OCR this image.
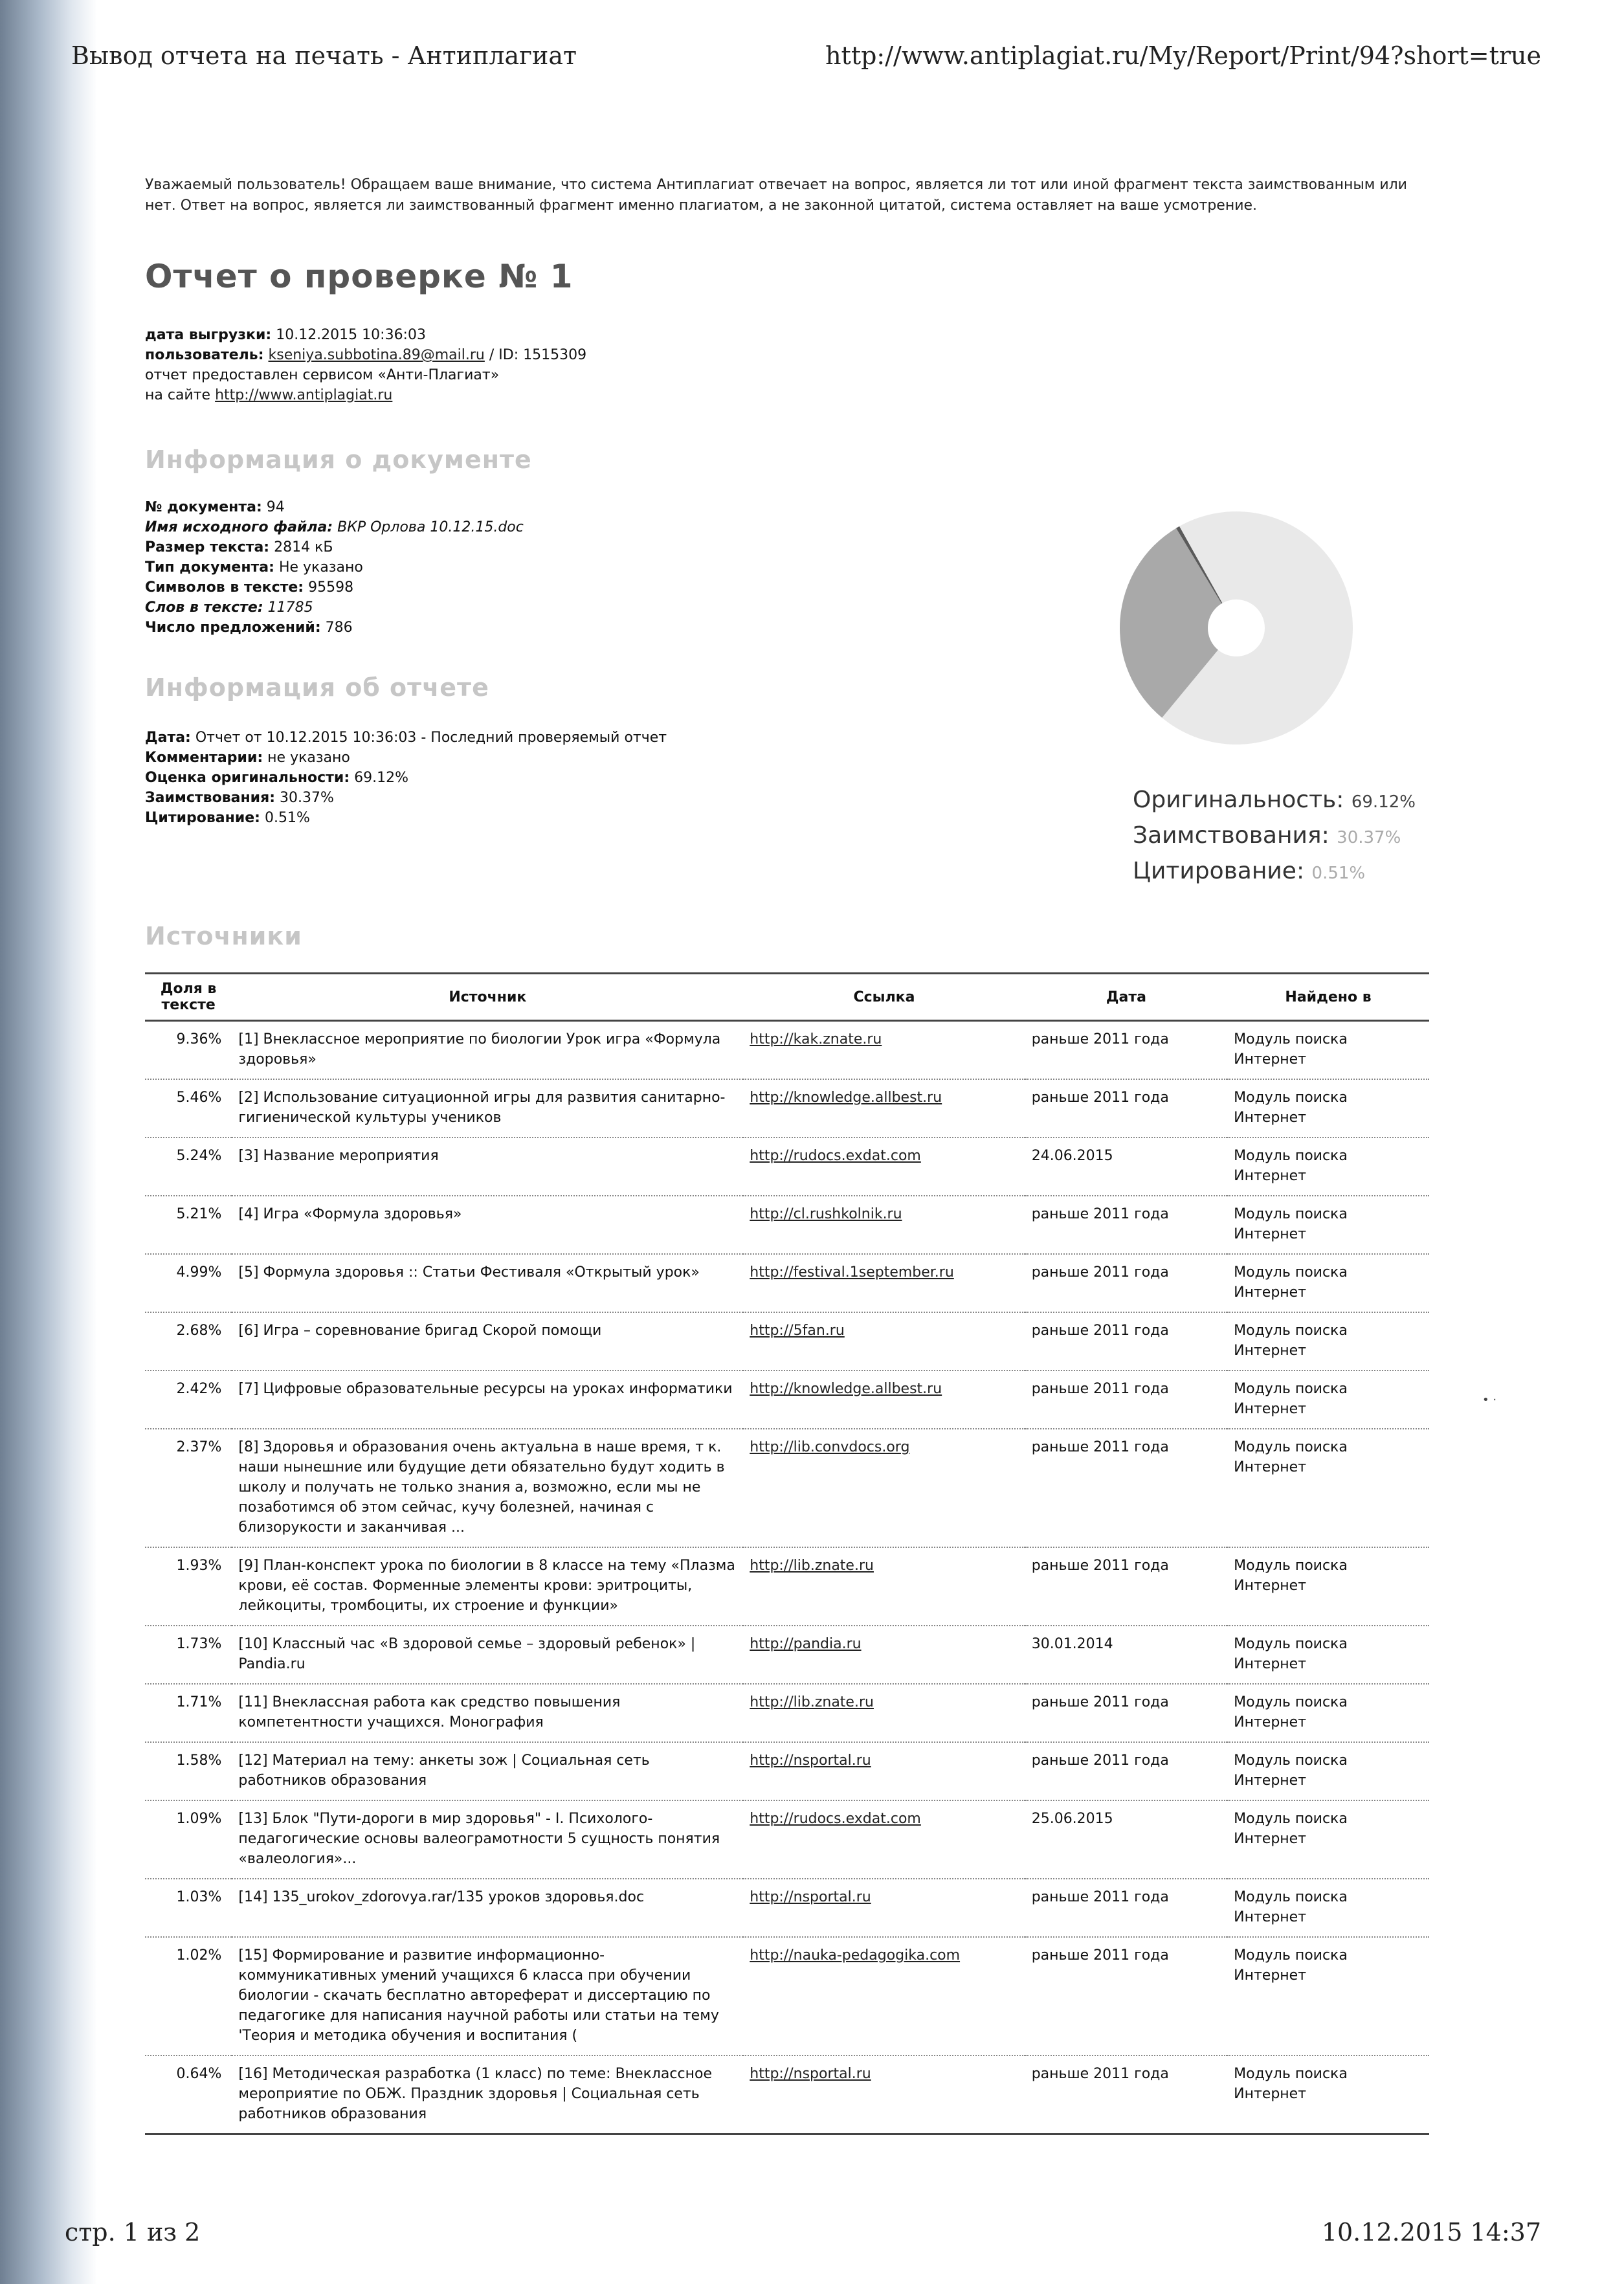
Вывод отчета на печать - Антиплагиат	http://www.antiplagiat.ru/My/Report/Print/94?short=true
Уважаемый пользователь! Обращаем ваше внимание, что система Антиплагиат отвечает на вопрос, является ли тот или иной фрагмент текста заимствованным или нет. Ответ на вопрос, является ли заимствованный фрагмент именно плагиатом, а не законной цитатой, система оставляет на ваше усмотрение.
Отчет о проверке № 1
дата выгрузки: 10.12.2015 10:36:03
пользователь: kseniya.subbotina.89@mail.ru / ID: 1515309
отчет предоставлен сервисом «Анти-Плагиат»
на сайте http://www.antiplagiat.ru
Информация о документе
№ документа: 94
Имя исходного файла: ВКР Орлова 10.12.15.doc
Размер текста: 2814 кБ
Тип документа: Не указано
Символов в тексте: 95598
Слов в тексте: 11785
Число предложений: 786
Информация об отчете
Дата: Отчет от 10.12.2015 10:36:03 - Последний проверяемый отчет
Комментарии: не указано
Оценка оригинальности: 69.12%
Заимствования: 30.37%
Цитирование: 0.51%
Источники
Оригинальность: 69.12%
Заимствования: 30.37%
Цитирование: 0.51%
Доля в тексте	Источник	Ссылка	Дата	Найдено в
9.36%	[1] Внеклассное мероприятие по биологии Урок игра «Формула здоровья»	http://kak.znate.ru	раньше 2011 года	Модуль поиска Интернет
5.46%	[2] Использование ситуационной игры для развития санитарно-гигиенической культуры учеников	http://knowledge.allbest.ru	раньше 2011 года	Модуль поиска Интернет
5.24%	[3] Название мероприятия	http://rudocs.exdat.com	24.06.2015	Модуль поиска Интернет
5.21%	[4] Игра «Формула здоровья»	http://cl.rushkolnik.ru	раньше 2011 года	Модуль поиска Интернет
4.99%	[5] Формула здоровья :: Статьи Фестиваля «Открытый урок»	http://festival.1september.ru	раньше 2011 года	Модуль поиска Интернет
2.68%	[6] Игра – соревнование бригад Скорой помощи	http://5fan.ru	раньше 2011 года	Модуль поиска Интернет
2.42%	[7] Цифровые образовательные ресурсы на уроках информатики	http://knowledge.allbest.ru	раньше 2011 года	Модуль поиска Интернет
2.37%	[8] Здоровья и образования очень актуальна в наше время, т к. наши нынешние или будущие дети обязательно будут ходить в школу и получать не только знания а, возможно, если мы не позаботимся об этом сейчас, кучу болезней, начиная с близорукости и заканчивая ...	http://lib.convdocs.org	раньше 2011 года	Модуль поиска Интернет
1.93%	[9] План-конспект урока по биологии в 8 классе на тему «Плазма крови, её состав. Форменные элементы крови: эритроциты, лейкоциты, тромбоциты, их строение и функции»	http://lib.znate.ru	раньше 2011 года	Модуль поиска Интернет
1.73%	[10] Классный час «В здоровой семье – здоровый ребенок» | Pandia.ru	http://pandia.ru	30.01.2014	Модуль поиска Интернет
1.71%	[11] Внеклассная работа как средство повышения компетентности учащихся. Монография	http://lib.znate.ru	раньше 2011 года	Модуль поиска Интернет
1.58%	[12] Материал на тему: анкеты зож | Социальная сеть работников образования	http://nsportal.ru	раньше 2011 года	Модуль поиска Интернет
1.09%	[13] Блок "Пути-дороги в мир здоровья" - I. Психолого-педагогические основы валеограмотности 5 сущность понятия «валеология»...	http://rudocs.exdat.com	25.06.2015	Модуль поиска Интернет
1.03%	[14] 135_urokov_zdorovya.rar/135 уроков здоровья.doc	http://nsportal.ru	раньше 2011 года	Модуль поиска Интернет
1.02%	[15] Формирование и развитие информационно-коммуникативных умений учащихся 6 класса при обучении биологии - скачать бесплатно автореферат и диссертацию по педагогике для написания научной работы или статьи на тему 'Теория и методика обучения и воспитания (	http://nauka-pedagogika.com	раньше 2011 года	Модуль поиска Интернет
0.64%	[16] Методическая разработка (1 класс) по теме: Внеклассное мероприятие по ОБЖ. Праздник здоровья | Социальная сеть работников образования	http://nsportal.ru	раньше 2011 года	Модуль поиска Интернет
• ·
стр. 1 из 2	10.12.2015 14:37
